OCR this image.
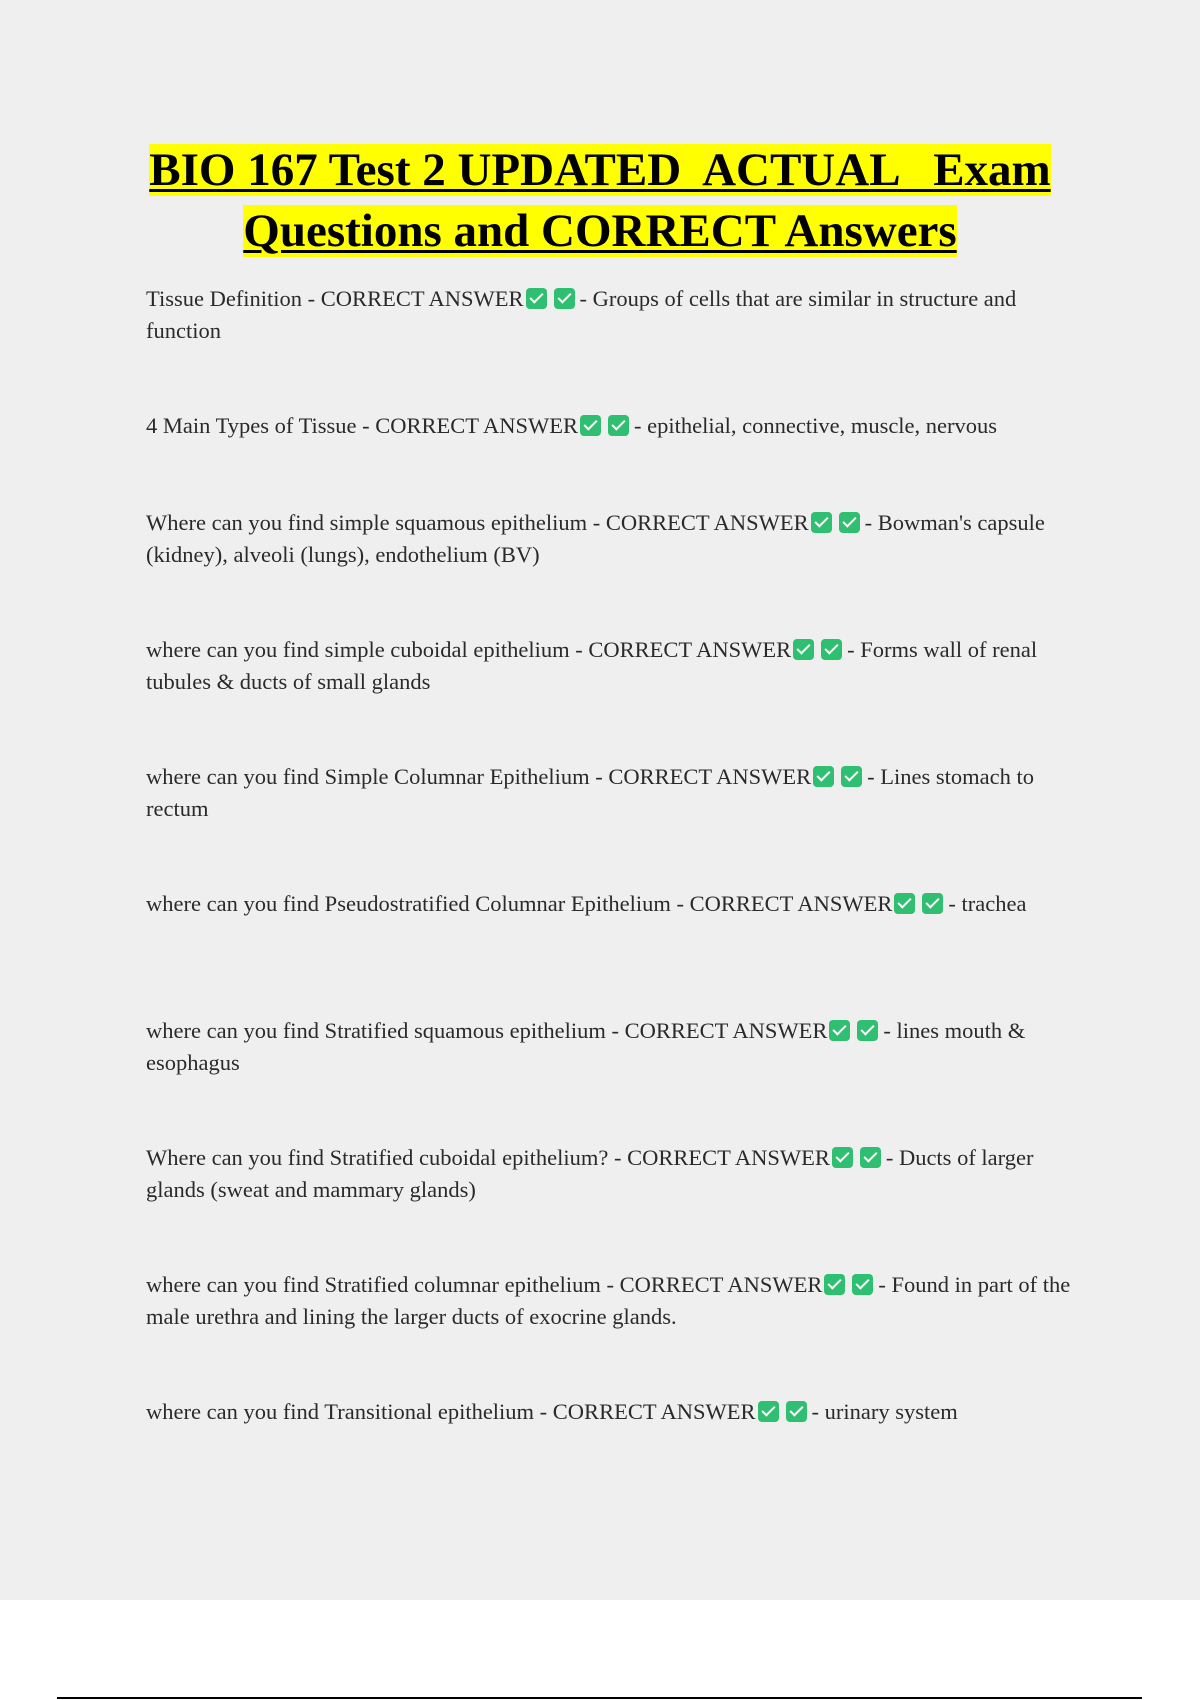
BIO 167 Test 2 UPDATED  ACTUAL   Exam
Questions and CORRECT Answers

Tissue Definition - CORRECT ANSWER - Groups of cells that are similar in structure and function

4 Main Types of Tissue - CORRECT ANSWER - epithelial, connective, muscle, nervous

Where can you find simple squamous epithelium - CORRECT ANSWER - Bowman's capsule (kidney), alveoli (lungs), endothelium (BV)

where can you find simple cuboidal epithelium - CORRECT ANSWER - Forms wall of renal tubules & ducts of small glands

where can you find Simple Columnar Epithelium - CORRECT ANSWER - Lines stomach to rectum

where can you find Pseudostratified Columnar Epithelium - CORRECT ANSWER - trachea

where can you find Stratified squamous epithelium - CORRECT ANSWER - lines mouth & esophagus

Where can you find Stratified cuboidal epithelium? - CORRECT ANSWER - Ducts of larger glands (sweat and mammary glands)

where can you find Stratified columnar epithelium - CORRECT ANSWER - Found in part of the male urethra and lining the larger ducts of exocrine glands.

where can you find Transitional epithelium - CORRECT ANSWER - urinary system
